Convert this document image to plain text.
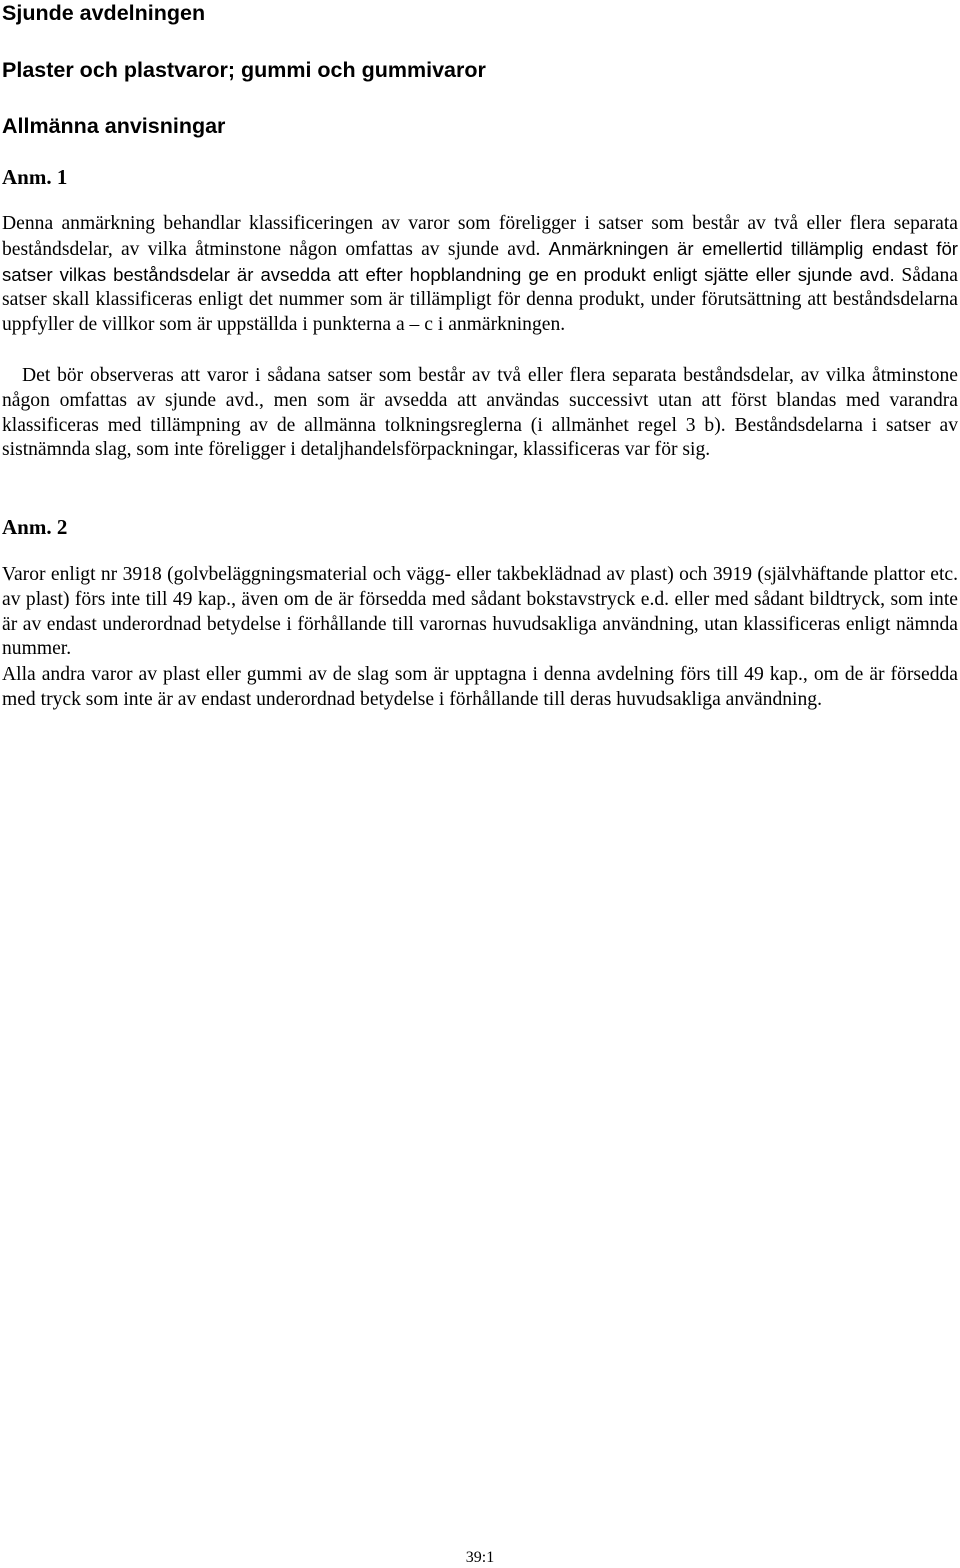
Sjunde avdelningen
Plaster och plastvaror; gummi och gummivaror
Allmänna anvisningar
Anm. 1

Denna anmärkning behandlar klassificeringen av varor som föreligger i satser som består av två eller flera separata beståndsdelar, av vilka åtminstone någon omfattas av sjunde avd. Anmärkningen är emellertid tillämplig endast för satser vilkas beståndsdelar är avsedda att efter hopblandning ge en produkt enligt sjätte eller sjunde avd. Sådana satser skall klassificeras enligt det nummer som är tillämpligt för denna produkt, under förutsättning att beståndsdelarna uppfyller de villkor som är uppställda i punkterna a – c i anmärkningen.

Det bör observeras att varor i sådana satser som består av två eller flera separata beståndsdelar, av vilka åtminstone någon omfattas av sjunde avd., men som är avsedda att användas successivt utan att först blandas med varandra klassificeras med tillämpning av de allmänna tolkningsreglerna (i allmänhet regel 3 b). Beståndsdelarna i satser av sistnämnda slag, som inte föreligger i detaljhandelsförpackningar, klassificeras var för sig.

Anm. 2

Varor enligt nr 3918 (golvbeläggningsmaterial och vägg- eller takbeklädnad av plast) och 3919 (självhäftande plattor etc. av plast) förs inte till 49 kap., även om de är försedda med sådant bokstavstryck e.d. eller med sådant bildtryck, som inte är av endast underordnad betydelse i förhållande till varornas huvudsakliga användning, utan klassificeras enligt nämnda nummer.

Alla andra varor av plast eller gummi av de slag som är upptagna i denna avdelning förs till 49 kap., om de är försedda med tryck som inte är av endast underordnad betydelse i förhållande till deras huvudsakliga användning.

39:1
